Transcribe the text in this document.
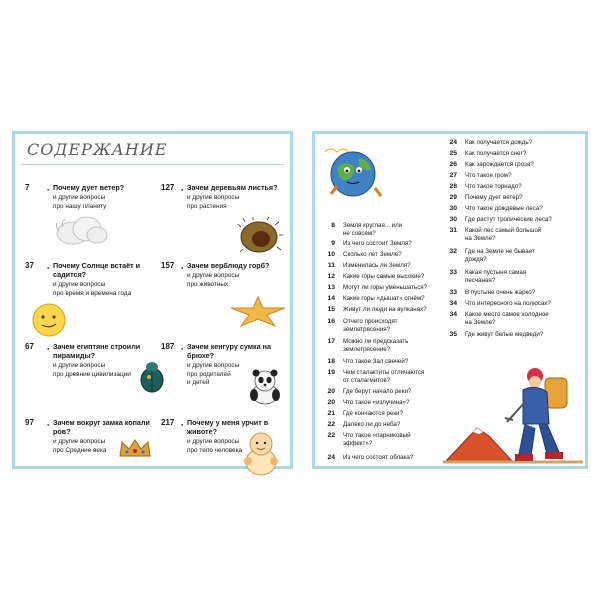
СОДЕРЖАНИЕ
7	● Почему дует ветер?
и другие вопросы
про нашу планету
127 ● Зачем деревьям листья?
и другие вопросы
про растения
37	● Почему Солнце встаёт и садится?
и другие вопросы
про время и времена года
157 ● Зачем верблюду горб?
и другие вопросы
про животных
67	● Зачем египтяне строили пирамиды?
и другие вопросы
про древние цивилизации
187 ● Зачем кенгуру сумка на брюхе?
и другие вопросы
про родителей
и детей
97	● Зачем вокруг замка копали ров?
и другие вопросы
про Средние века
217 ● Почему у меня урчит в животе?
и другие вопросы
про тело человека
8 Земля круглая... или
не совсем?
9 Из чего состоит Земля?
10 Сколько лет Земле?
11 Изменилась ли Земля?
12 Какие горы самые высокие?
13 Могут ли горы уменьшаться?
14 Какие горы «дышат» огнём?
15 Живут ли люди на вулканах?
16 Отчего происходят
землетрясения?
17 Можно ли предсказать
землетрясение?
18 Что такое Зал свечей?
19 Чем сталактиты отличаются
от сталагмитов?
20 Где берут начало реки?
20 Что такое «излучина»?
21 Где кончаются реки?
22 Далеко ли до неба?
22 Что такое «парниковый
эффект»?
24 Из чего состоят облака?
24 Как получается дождь?
25 Как получается снег?
26 Как зарождается гроза?
27 Что такое гром?
28 Что такое торнадо?
29 Почему дует ветер?
30 Что такое дождевые леса?
30 Где растут тропические леса?
31 Какой лес самый большой
на Земле?
32 Где на Земле не бывает
дождя?
33 Какая пустыня самая
песчаная?
33 В пустыне очень жарко?
34 Что интересного на полюсах?
34 Какое место самое холодное
на Земле?
35 Где живут белые медведи?
